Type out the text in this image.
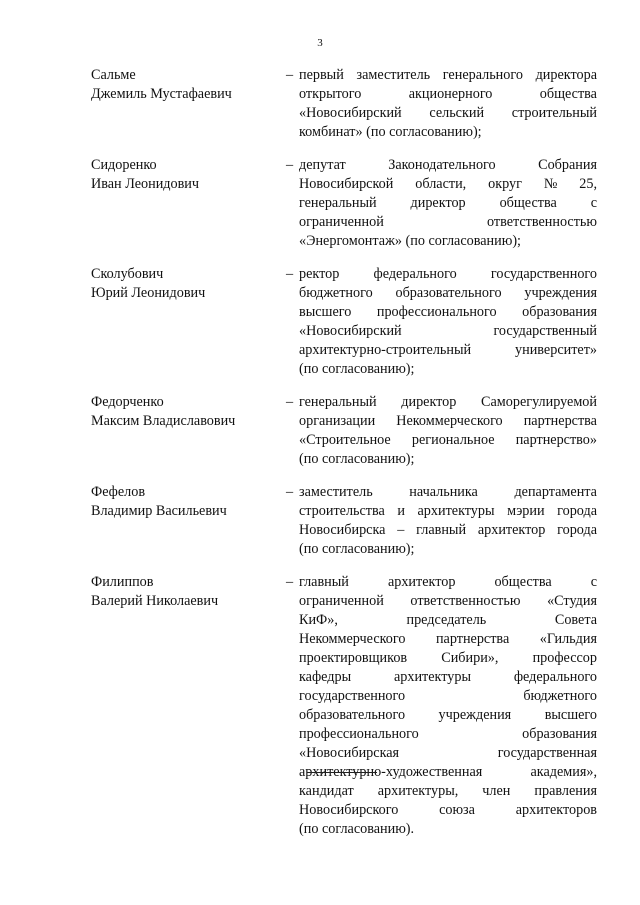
3
Сальме
Джемиль Мустафаевич
– первый заместитель генерального директора
открытого	акционерного	общества
«Новосибирский сельский строительный
комбинат» (по согласованию);
Сидоренко
Иван Леонидович
– депутат	Законодательного	Собрания
Новосибирской области, округ № 25,
генеральный директор общества с
ограниченной	ответственностью
«Энергомонтаж» (по согласованию);
Сколубович
Юрий Леонидович
– ректор федерального государственного
бюджетного образовательного учреждения
высшего профессионального образования
«Новосибирский	государственный
архитектурно-строительный	университет»
(по согласованию);
Федорченко
Максим Владиславович
– генеральный директор Саморегулируемой
организации Некоммерческого партнерства
«Строительное региональное партнерство»
(по согласованию);
Фефелов
Владимир Васильевич
– заместитель	начальника	департамента
строительства и архитектуры мэрии города
Новосибирска – главный архитектор города
(по согласованию);
Филиппов
Валерий Николаевич
– главный	архитектор	общества	с
ограниченной ответственностью «Студия
КиФ»,	председатель	Совета
Некоммерческого партнерства «Гильдия
проектировщиков Сибири», профессор
кафедры	архитектуры	федерального
государственного	бюджетного
образовательного учреждения высшего
профессионального	образования
«Новосибирская	государственная
архитектурно-художественная	академия»,
кандидат архитектуры, член правления
Новосибирского	союза	архитекторов
(по согласованию).
